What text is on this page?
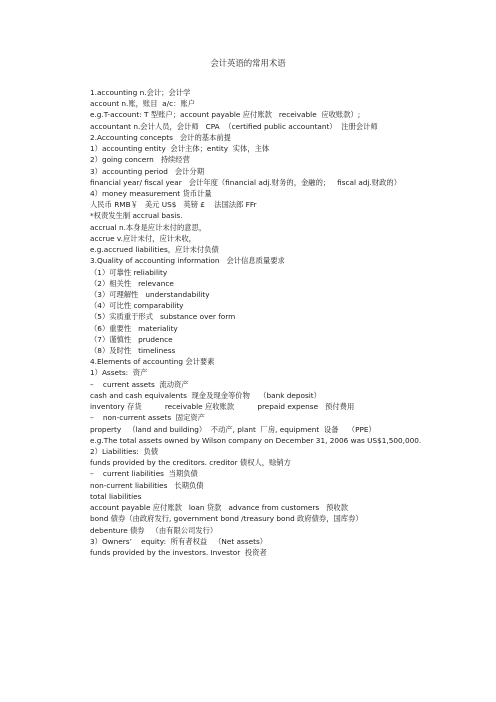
会计英语的常用术语
1.accounting n.会计；会计学
account n.账，账目  a/c：账户
e.g.T-account: T 型账户；account payable 应付账款   receivable  应收账款）;
accountant n.会计人员，会计师   CPA  （certified public accountant）  注册会计师
2.Accounting concepts   会计的基本前提
1）accounting entity  会计主体；entity  实体，主体
2）going concern   持续经营
3）accounting period   会计分期
financial year/ fiscal year   会计年度（financial adj.财务的，金融的；   fiscal adj.财政的）
4）money measurement 货币计量
人民币 RMB￥   美元 US$   英镑 £    法国法郎 FFr
*权责发生制 accrual basis.
accrual n.本身是应计未付的意思，
accrue v.应计未付，应计未收，
e.g.accrued liabilities，应计未付负债
3.Quality of accounting information   会计信息质量要求
（1）可靠性 reliability
（2）相关性   relevance
（3）可理解性   understandability
（4）可比性 comparability
（5）实质重于形式   substance over form
（6）重要性   materiality
（7）谨慎性   prudence
（8）及时性   timeliness
4.Elements of accounting 会计要素
1）Assets:  资产
–    current assets  流动资产
cash and cash equivalents  现金及现金等价物    （bank deposit）
inventory 存货          receivable 应收账款          prepaid expense   预付费用
–    non-current assets  固定资产
property   （land and building）  不动产, plant  厂房, equipment  设备    （PPE）
e.g.The total assets owned by Wilson company on December 31, 2006 was US$1,500,000.
2）Liabilities:  负债
funds provided by the creditors. creditor 债权人，赊销方
–    current liabilities  当期负债
non-current liabilities   长期负债
total liabilities
account payable 应付账款   loan 贷款   advance from customers   预收款
bond 债券（由政府发行, government bond /treasury bond 政府债券，国库券）
debenture 债券   （由有限公司发行）
3）Owners’    equity:  所有者权益   （Net assets）
funds provided by the investors. Investor  投资者
